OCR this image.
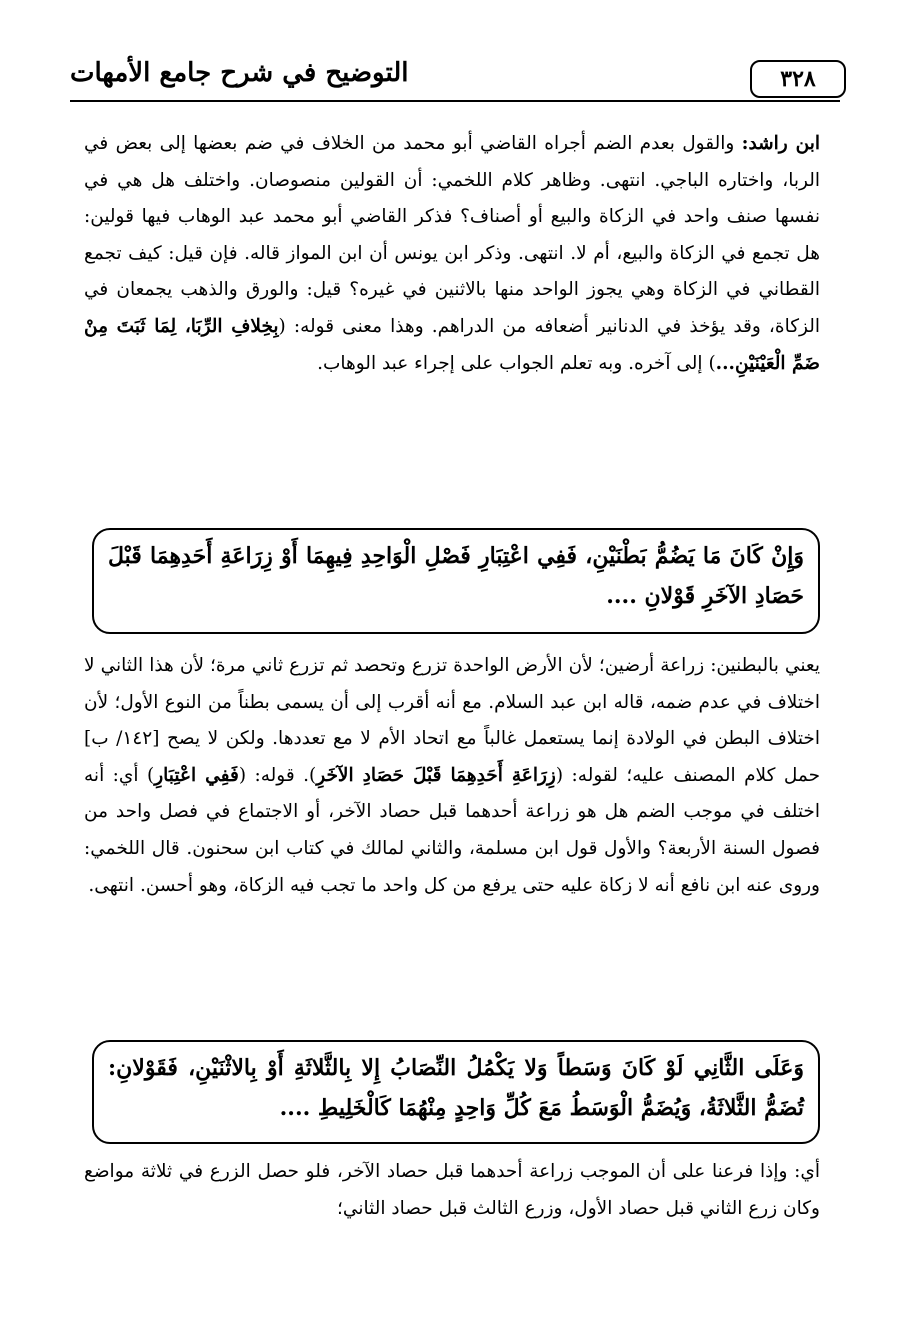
٣٢٨
التوضيح في شرح جامع الأمهات
ابن راشد: والقول بعدم الضم أجراه القاضي أبو محمد من الخلاف في ضم بعضها إلى بعض في الربا، واختاره الباجي. انتهى. وظاهر كلام اللخمي: أن القولين منصوصان. واختلف هل هي في نفسها صنف واحد في الزكاة والبيع أو أصناف؟ فذكر القاضي أبو محمد عبد الوهاب فيها قولين: هل تجمع في الزكاة والبيع، أم لا. انتهى. وذكر ابن يونس أن ابن المواز قاله. فإن قيل: كيف تجمع القطاني في الزكاة وهي يجوز الواحد منها بالاثنين في غيره؟ قيل: والورق والذهب يجمعان في الزكاة، وقد يؤخذ في الدنانير أضعافه من الدراهم. وهذا معنى قوله: (بِخِلافِ الرِّبَا، لِمَا ثَبَتَ مِنْ ضَمِّ الْعَيْنَيْنِ...) إلى آخره. وبه تعلم الجواب على إجراء عبد الوهاب.
وَإِنْ كَانَ مَا يَضُمُّ بَطْنَيْنِ، فَفِي اعْتِبَارِ فَصْلِ الْوَاحِدِ فِيهِمَا أَوْ زِرَاعَةِ أَحَدِهِمَا قَبْلَ حَصَادِ الآخَرِ قَوْلانِ ....
يعني بالبطنين: زراعة أرضين؛ لأن الأرض الواحدة تزرع وتحصد ثم تزرع ثاني مرة؛ لأن هذا الثاني لا اختلاف في عدم ضمه، قاله ابن عبد السلام. مع أنه أقرب إلى أن يسمى بطناً من النوع الأول؛ لأن اختلاف البطن في الولادة إنما يستعمل غالباً مع اتحاد الأم لا مع تعددها. ولكن لا يصح [١٤٢/ ب] حمل كلام المصنف عليه؛ لقوله: (زِرَاعَةِ أَحَدِهِمَا قَبْلَ حَصَادِ الآخَرِ). قوله: (فَفِي اعْتِبَارِ) أي: أنه اختلف في موجب الضم هل هو زراعة أحدهما قبل حصاد الآخر، أو الاجتماع في فصل واحد من فصول السنة الأربعة؟ والأول قول ابن مسلمة، والثاني لمالك في كتاب ابن سحنون. قال اللخمي: وروى عنه ابن نافع أنه لا زكاة عليه حتى يرفع من كل واحد ما تجب فيه الزكاة، وهو أحسن. انتهى.
وَعَلَى الثَّانِي لَوْ كَانَ وَسَطاً وَلا يَكْمُلُ النِّصَابُ إِلا بِالثَّلاثَةِ أَوْ بِالاثْنَيْنِ، فَقَوْلانِ: تُضَمُّ الثَّلاثَةُ، وَيُضَمُّ الْوَسَطُ مَعَ كُلِّ وَاحِدٍ مِنْهُمَا كَالْخَلِيطِ ....
أي: وإذا فرعنا على أن الموجب زراعة أحدهما قبل حصاد الآخر، فلو حصل الزرع في ثلاثة مواضع وكان زرع الثاني قبل حصاد الأول، وزرع الثالث قبل حصاد الثاني؛
